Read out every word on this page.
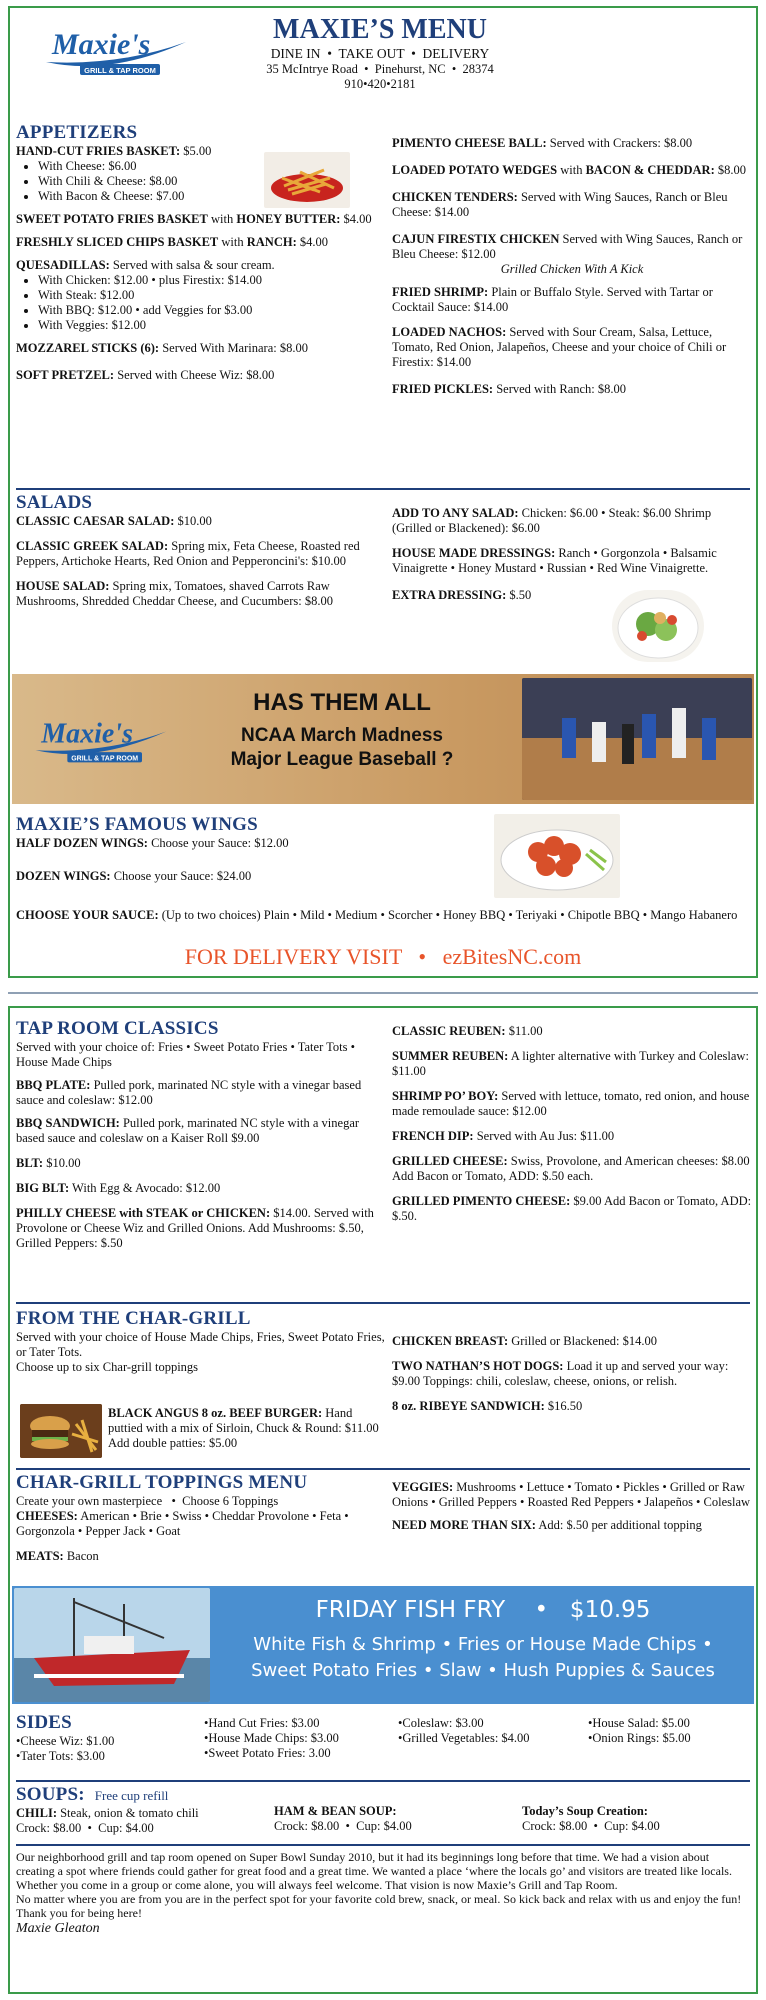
Maxie's
GRILL & TAP ROOM
MAXIE’S MENU
DINE IN  •  TAKE OUT  •  DELIVERY
35 McIntrye Road  •  Pinehurst, NC  •  28374
910•420•2181
APPETIZERS
HAND-CUT FRIES BASKET: $5.00
• With Cheese: $6.00
• With Chili & Cheese: $8.00
• With Bacon & Cheese: $7.00
SWEET POTATO FRIES BASKET with HONEY BUTTER: $4.00
FRESHLY SLICED CHIPS BASKET with RANCH: $4.00
QUESADILLAS: Served with salsa & sour cream.
• With Chicken: $12.00 • plus Firestix: $14.00
• With Steak: $12.00
• With BBQ: $12.00 • add Veggies for $3.00
• With Veggies: $12.00
MOZZAREL STICKS (6): Served With Marinara: $8.00
SOFT PRETZEL: Served with Cheese Wiz: $8.00
PIMENTO CHEESE BALL: Served with Crackers: $8.00
LOADED POTATO WEDGES with BACON & CHEDDAR: $8.00
CHICKEN TENDERS: Served with Wing Sauces, Ranch or Bleu Cheese: $14.00
CAJUN FIRESTIX CHICKEN Served with Wing Sauces, Ranch or Bleu Cheese: $12.00
Grilled Chicken With A Kick
FRIED SHRIMP: Plain or Buffalo Style. Served with Tartar or Cocktail Sauce: $14.00
LOADED NACHOS: Served with Sour Cream, Salsa, Lettuce, Tomato, Red Onion, Jalapeños, Cheese and your choice of Chili or Firestix: $14.00
FRIED PICKLES: Served with Ranch: $8.00
SALADS
CLASSIC CAESAR SALAD: $10.00
CLASSIC GREEK SALAD: Spring mix, Feta Cheese, Roasted red Peppers, Artichoke Hearts, Red Onion and Pepperoncini's: $10.00
HOUSE SALAD: Spring mix, Tomatoes, shaved Carrots Raw Mushrooms, Shredded Cheddar Cheese, and Cucumbers: $8.00
ADD TO ANY SALAD: Chicken: $6.00 • Steak: $6.00 Shrimp (Grilled or Blackened): $6.00
HOUSE MADE DRESSINGS: Ranch • Gorgonzola • Balsamic Vinaigrette • Honey Mustard • Russian • Red Wine Vinaigrette.
EXTRA DRESSING: $.50
Maxie's
GRILL & TAP ROOM
HAS THEM ALL
NCAA March Madness
Major League Baseball ?
MAXIE’S FAMOUS WINGS
HALF DOZEN WINGS: Choose your Sauce: $12.00
DOZEN WINGS: Choose your Sauce: $24.00
CHOOSE YOUR SAUCE: (Up to two choices) Plain • Mild • Medium • Scorcher • Honey BBQ • Teriyaki • Chipotle BBQ • Mango Habanero
FOR DELIVERY VISIT   •   ezBitesNC.com
TAP ROOM CLASSICS
Served with your choice of: Fries • Sweet Potato Fries • Tater Tots • House Made Chips
BBQ PLATE: Pulled pork, marinated NC style with a vinegar based sauce and coleslaw: $12.00
BBQ SANDWICH: Pulled pork, marinated NC style with a vinegar based sauce and coleslaw on a Kaiser Roll $9.00
BLT: $10.00
BIG BLT: With Egg & Avocado: $12.00
PHILLY CHEESE with STEAK or CHICKEN: $14.00. Served with Provolone or Cheese Wiz and Grilled Onions. Add Mushrooms: $.50, Grilled Peppers: $.50
CLASSIC REUBEN: $11.00
SUMMER REUBEN: A lighter alternative with Turkey and Coleslaw: $11.00
SHRIMP PO’ BOY: Served with lettuce, tomato, red onion, and house made remoulade sauce: $12.00
FRENCH DIP: Served with Au Jus: $11.00
GRILLED CHEESE: Swiss, Provolone, and American cheeses: $8.00 Add Bacon or Tomato, ADD: $.50 each.
GRILLED PIMENTO CHEESE: $9.00 Add Bacon or Tomato, ADD: $.50.
FROM THE CHAR-GRILL
Served with your choice of House Made Chips, Fries, Sweet Potato Fries, or Tater Tots.
Choose up to six Char-grill toppings
BLACK ANGUS 8 oz. BEEF BURGER: Hand puttied with a mix of Sirloin, Chuck & Round: $11.00 Add double patties: $5.00
CHICKEN BREAST: Grilled or Blackened: $14.00
TWO NATHAN’S HOT DOGS: Load it up and served your way: $9.00 Toppings: chili, coleslaw, cheese, onions, or relish.
8 oz. RIBEYE SANDWICH: $16.50
CHAR-GRILL TOPPINGS MENU
Create your own masterpiece   •  Choose 6 Toppings
CHEESES: American • Brie • Swiss • Cheddar Provolone • Feta • Gorgonzola • Pepper Jack • Goat
MEATS: Bacon
VEGGIES: Mushrooms • Lettuce • Tomato • Pickles • Grilled or Raw Onions • Grilled Peppers • Roasted Red Peppers • Jalapeños • Coleslaw
NEED MORE THAN SIX: Add: $.50 per additional topping
FRIDAY FISH FRY    •   $10.95
White Fish & Shrimp • Fries or House Made Chips •
Sweet Potato Fries • Slaw • Hush Puppies & Sauces
SIDES
•Cheese Wiz: $1.00
•Tater Tots: $3.00
•Hand Cut Fries: $3.00
•House Made Chips: $3.00
•Sweet Potato Fries: 3.00
•Coleslaw: $3.00
•Grilled Vegetables: $4.00
•House Salad: $5.00
•Onion Rings: $5.00
SOUPS: Free cup refill
CHILI: Steak, onion & tomato chili
Crock: $8.00  •  Cup: $4.00
HAM & BEAN SOUP:
Crock: $8.00  •  Cup: $4.00
Today’s Soup Creation:
Crock: $8.00  •  Cup: $4.00
Our neighborhood grill and tap room opened on Super Bowl Sunday 2010, but it had its beginnings long before that time. We had a vision about creating a spot where friends could gather for great food and a great time. We wanted a place ‘where the locals go’ and visitors are treated like locals. Whether you come in a group or come alone, you will always feel welcome. That vision is now Maxie’s Grill and Tap Room.
No matter where you are from you are in the perfect spot for your favorite cold brew, snack, or meal. So kick back and relax with us and enjoy the fun!
Thank you for being here!
Maxie Gleaton
